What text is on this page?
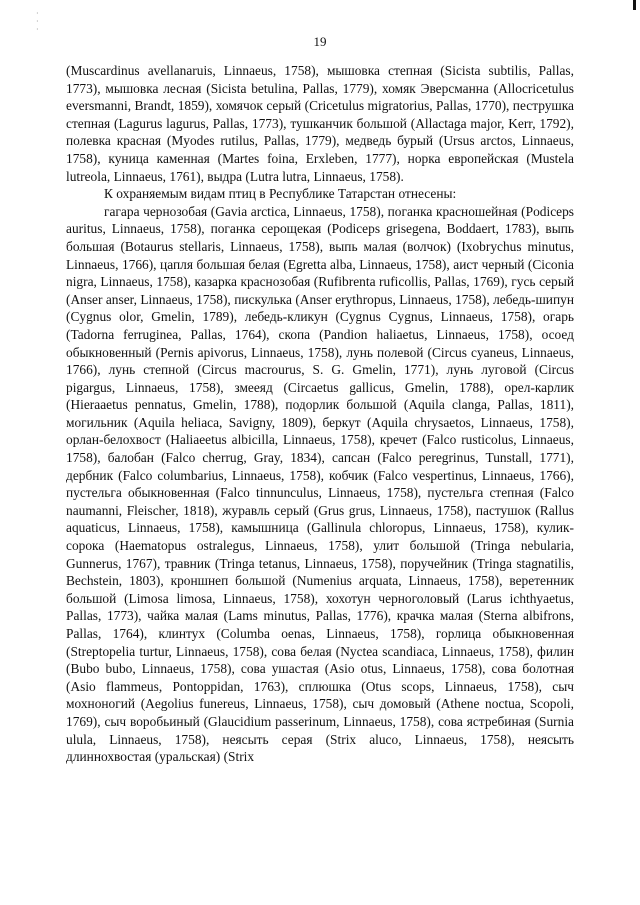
·
·
·
19

(Muscardinus avellanaruis, Linnaeus, 1758), мышовка степная (Sicista subtilis, Pallas, 1773), мышовка лесная (Sicista betulina, Pallas, 1779), хомяк Эверсманна (Allocricetulus eversmanni, Brandt, 1859), хомячок серый (Cricetulus migratorius, Pallas, 1770), пеструшка степная (Lagurus lagurus, Pallas, 1773), тушканчик большой (Allactaga major, Kerr, 1792), полевка красная (Myodes rutilus, Pallas, 1779), медведь бурый (Ursus arctos, Linnaeus, 1758), куница каменная (Martes foina, Erxleben, 1777), норка европейская (Mustela lutreola, Linnaeus, 1761), выдра (Lutra lutra, Linnaeus, 1758).

К охраняемым видам птиц в Республике Татарстан отнесены:

гагара чернозобая (Gavia arctica, Linnaeus, 1758), поганка красношейная (Podiceps auritus, Linnaeus, 1758), поганка серощекая (Podiceps grisegena, Boddaert, 1783), выпь большая (Botaurus stellaris, Linnaeus, 1758), выпь малая (волчок) (Ixobrychus minutus, Linnaeus, 1766), цапля большая белая (Egretta alba, Linnaeus, 1758), аист черный (Ciconia nigra, Linnaeus, 1758), казарка краснозобая (Rufibrenta ruficollis, Pallas, 1769), гусь серый (Anser anser, Linnaeus, 1758), пискулька (Anser erythropus, Linnaeus, 1758), лебедь-шипун (Cygnus olor, Gmelin, 1789), лебедь-кликун (Cygnus Cygnus, Linnaeus, 1758), огарь (Tadorna ferruginea, Pallas, 1764), скопа (Pandion haliaetus, Linnaeus, 1758), осоед обыкновенный (Pernis apivorus, Linnaeus, 1758), лунь полевой (Circus cyaneus, Linnaeus, 1766), лунь степной (Circus macrourus, S. G. Gmelin, 1771), лунь луговой (Circus pigargus, Linnaeus, 1758), змееяд (Circaetus gallicus, Gmelin, 1788), орел-карлик (Hieraaetus pennatus, Gmelin, 1788), подорлик большой (Aquila clanga, Pallas, 1811), могильник (Aquila heliaca, Savigny, 1809), беркут (Aquila chrysaetos, Linnaeus, 1758), орлан-белохвост (Haliaeetus albicilla, Linnaeus, 1758), кречет (Falco rusticolus, Linnaeus, 1758), балобан (Falco cherrug, Gray, 1834), сапсан (Falco peregrinus, Tunstall, 1771), дербник (Falco columbarius, Linnaeus, 1758), кобчик (Falco vespertinus, Linnaeus, 1766), пустельга обыкновенная (Falco tinnunculus, Linnaeus, 1758), пустельга степная (Falco naumanni, Fleischer, 1818), журавль серый (Grus grus, Linnaeus, 1758), пастушок (Rallus aquaticus, Linnaeus, 1758), камышница (Gallinula chloropus, Linnaeus, 1758), кулик-сорока (Haematopus ostralegus, Linnaeus, 1758), улит большой (Tringa nebularia, Gunnerus, 1767), травник (Tringa tetanus, Linnaeus, 1758), поручейник (Tringa stagnatilis, Bechstein, 1803), кроншнеп большой (Numenius arquata, Linnaeus, 1758), веретенник большой (Limosa limosa, Linnaeus, 1758), хохотун черноголовый (Larus ichthyaetus, Pallas, 1773), чайка малая (Lams minutus, Pallas, 1776), крачка малая (Sterna albifrons, Pallas, 1764), клинтух (Columba oenas, Linnaeus, 1758), горлица обыкновенная (Streptopelia turtur, Linnaeus, 1758), сова белая (Nyctea scandiaca, Linnaeus, 1758), филин (Bubo bubo, Linnaeus, 1758), сова ушастая (Asio otus, Linnaeus, 1758), сова болотная (Asio flammeus, Pontoppidan, 1763), сплюшка (Otus scops, Linnaeus, 1758), сыч мохноногий (Aegolius funereus, Linnaeus, 1758), сыч домовый (Athene noctua, Scopoli, 1769), сыч воробьиный (Glaucidium passerinum, Linnaeus, 1758), сова ястребиная (Surnia ulula, Linnaeus, 1758), неясыть серая (Strix aluco, Linnaeus, 1758), неясыть длиннохвостая (уральская) (Strix
